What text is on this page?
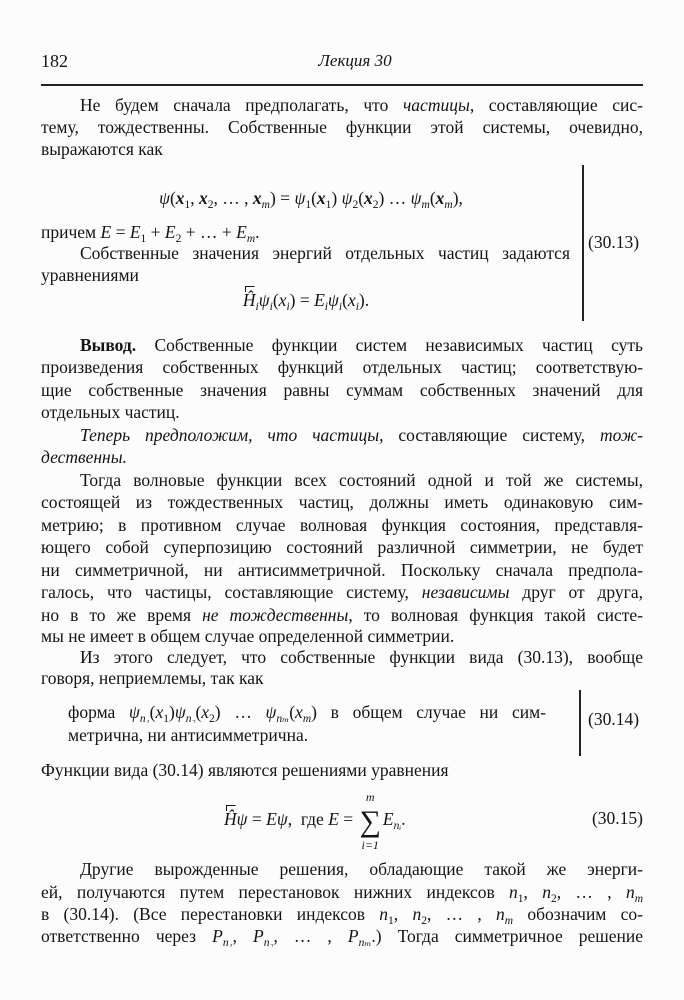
182	Лекция 30
Не будем сначала предполагать, что частицы, составляющие сис-
тему, тождественны. Собственные функции этой системы, очевидно,
выражаются как
$\psi(x_1$, $x_2$, … , $x_m) = \psi_1(x_1)$ $\psi_2(x_2)$ … $\psi_m(x_m)$,
причем $E = E_1 + E_2$ + … + $E_m$.
Собственные значения энергий отдельных частиц задаются
уравнениями
$Ĥ_i\psi_i(x_i) = E_i\psi_i(x_i)$.
Вывод. Собственные функции систем независимых частиц суть
произведения собственных функций отдельных частиц; соответствую-
щие собственные значения равны суммам собственных значений для
отдельных частиц.
Теперь предположим, что частицы, составляющие систему, тож-
дественны.
Тогда волновые функции всех состояний одной и той же системы,
состоящей из тождественных частиц, должны иметь одинаковую сим-
метрию; в противном случае волновая функция состояния, представля-
ющего собой суперпозицию состояний различной симметрии, не будет
ни симметричной, ни антисимметричной. Поскольку сначала предпола-
галось, что частицы, составляющие систему, независимы друг от друга,
но в то же время не тождественны, то волновая функция такой систе-
мы не имеет в общем случае определенной симметрии.
Из этого следует, что собственные функции вида (30.13), вообще
говоря, неприемлемы, так как
форма $\psi_{n_1}(x_1)\psi_{n_2}(x_2)$ … $\psi_{n_m}(x_m)$ в общем случае ни сим-
метрична, ни антисимметрична.
Функции вида (30.14) являются решениями уравнения
Другие вырожденные решения, обладающие такой же энерги-
ей, получаются путем перестановок нижних индексов $n_1$, $n_2$, … , $n_m$
в (30.14). (Все перестановки индексов $n_1$, $n_2$, … , $n_m$ обозначим со-
ответственно через $P_{n_1}$, $P_{n_2}$, … , $P_{n_m}$.) Тогда симметричное решение
(30.13)
(30.14)
Ĥψ = Eψ,  где E =
m
∑
i=1
$E_{nᵢ}$.	(30.15)
